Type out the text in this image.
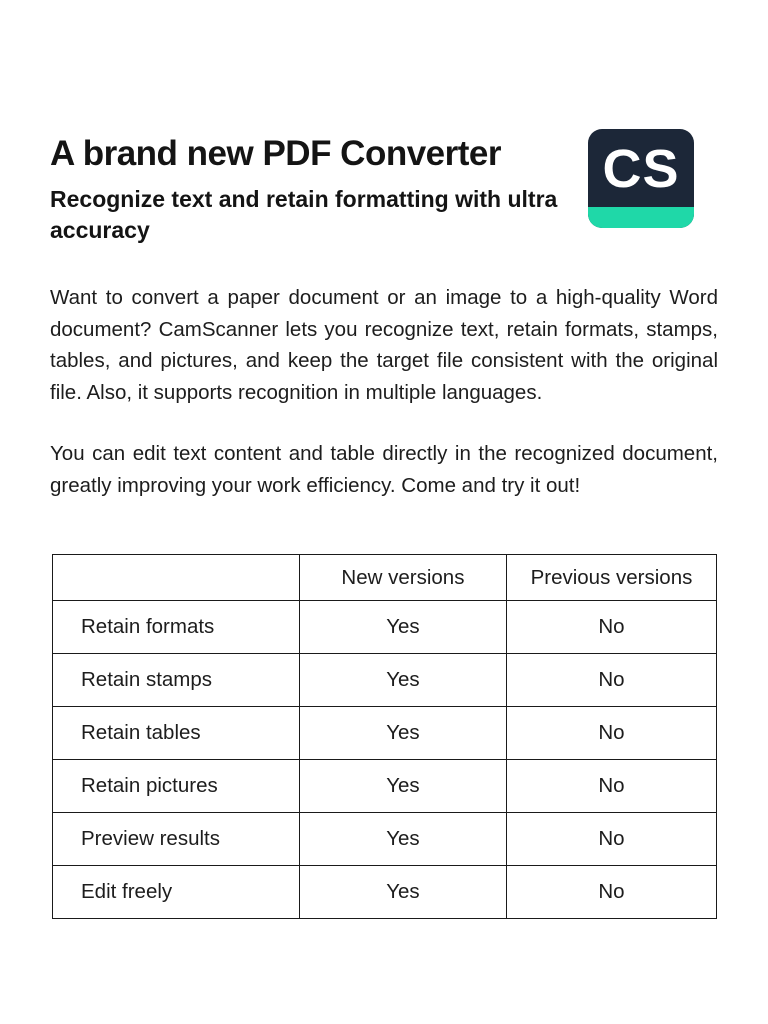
A brand new PDF Converter
Recognize text and retain formatting with ultra accuracy
CS
Want to convert a paper document or an image to a high-quality Word document? CamScanner lets you recognize text, retain formats, stamps, tables, and pictures, and keep the target file consistent with the original file. Also, it supports recognition in multiple languages.
You can edit text content and table directly in the recognized document, greatly improving your work efficiency. Come and try it out!
	New versions	Previous versions
Retain formats	Yes	No
Retain stamps	Yes	No
Retain tables	Yes	No
Retain pictures	Yes	No
Preview results	Yes	No
Edit freely	Yes	No
